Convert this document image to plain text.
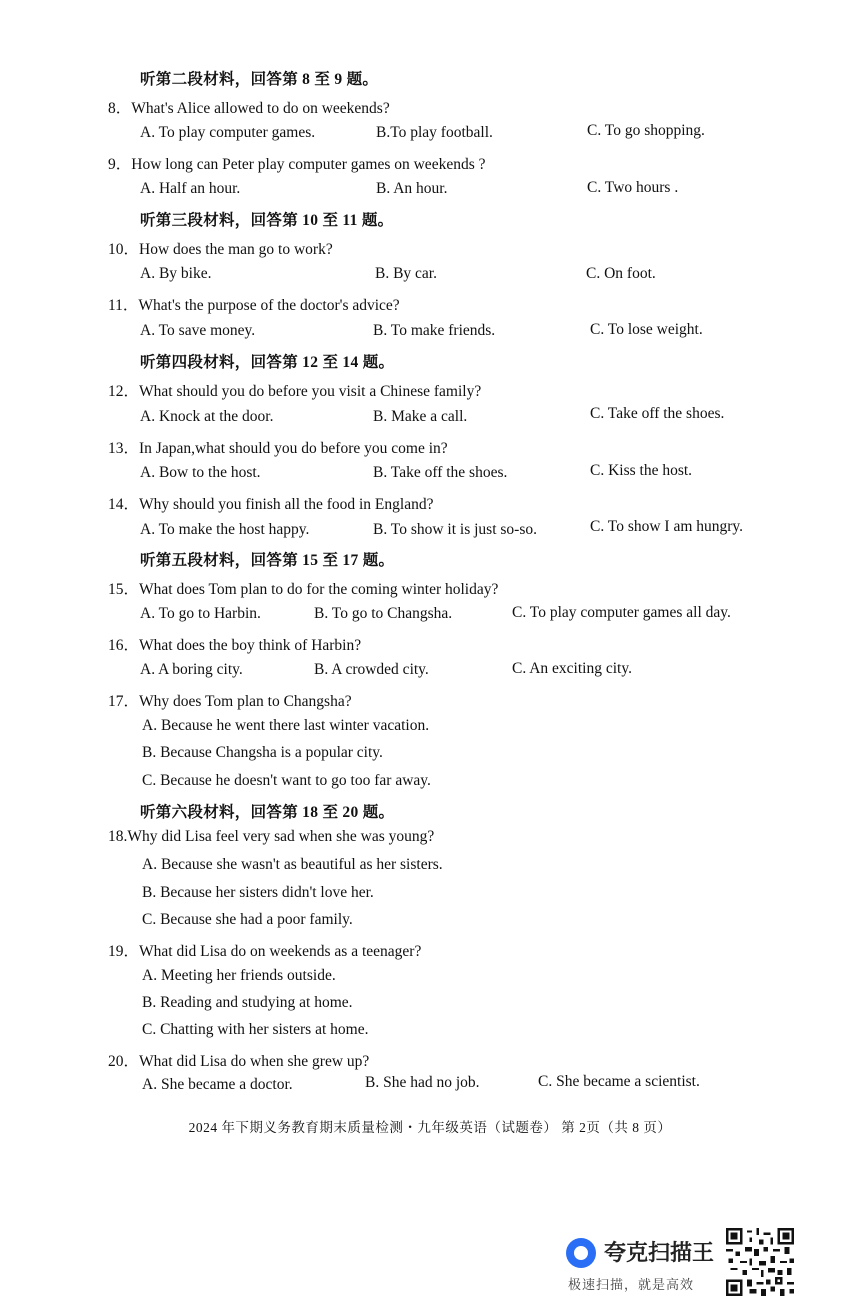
听第二段材料，回答第 8 至 9 题。
8．What's Alice allowed to do on weekends?
A. To play computer games.	B.To play football.	C. To go shopping.
9．How long can Peter play computer games on weekends ?
A. Half an hour.	B. An hour.	C. Two hours .
听第三段材料，回答第 10 至 11 题。
10．How does the man go to work?
A. By bike.	B. By car.	C. On foot.
11．What's the purpose of the doctor's advice?
A. To save money.	B. To make friends.	C. To lose weight.
听第四段材料，回答第 12 至 14 题。
12．What should you do before you visit a Chinese family?
A. Knock at the door.	B. Make a call.	C. Take off the shoes.
13．In Japan,what should you do before you come in?
A. Bow to the host.	B. Take off the shoes.	C. Kiss the host.
14．Why should you finish all the food in England?
A. To make the host happy.	B. To show it is just so-so.	C. To show I am hungry.
听第五段材料，回答第 15 至 17 题。
15．What does Tom plan to do for the coming winter holiday?
A. To go to Harbin.	B. To go to Changsha.	C. To play computer games all day.
16．What does the boy think of Harbin?
A. A boring city.	B. A crowded city.	C. An exciting city.
17．Why does Tom plan to Changsha?
A. Because he went there last winter vacation.
B. Because Changsha is a popular city.
C. Because he doesn't want to go too far away.
听第六段材料，回答第 18 至 20 题。
18.Why did Lisa feel very sad when she was young?
A. Because she wasn't as beautiful as her sisters.
B. Because her sisters didn't love her.
C. Because she had a poor family.
19．What did Lisa do on weekends as a teenager?
A. Meeting her friends outside.
B. Reading and studying at home.
C. Chatting with her sisters at home.
20．What did Lisa do when she grew up?
A. She became a doctor.	B. She had no job.	C. She became a scientist.
2024 年下期义务教育期末质量检测・九年级英语（试题卷） 第 2页（共 8 页）
夸克扫描王
极速扫描，就是高效
